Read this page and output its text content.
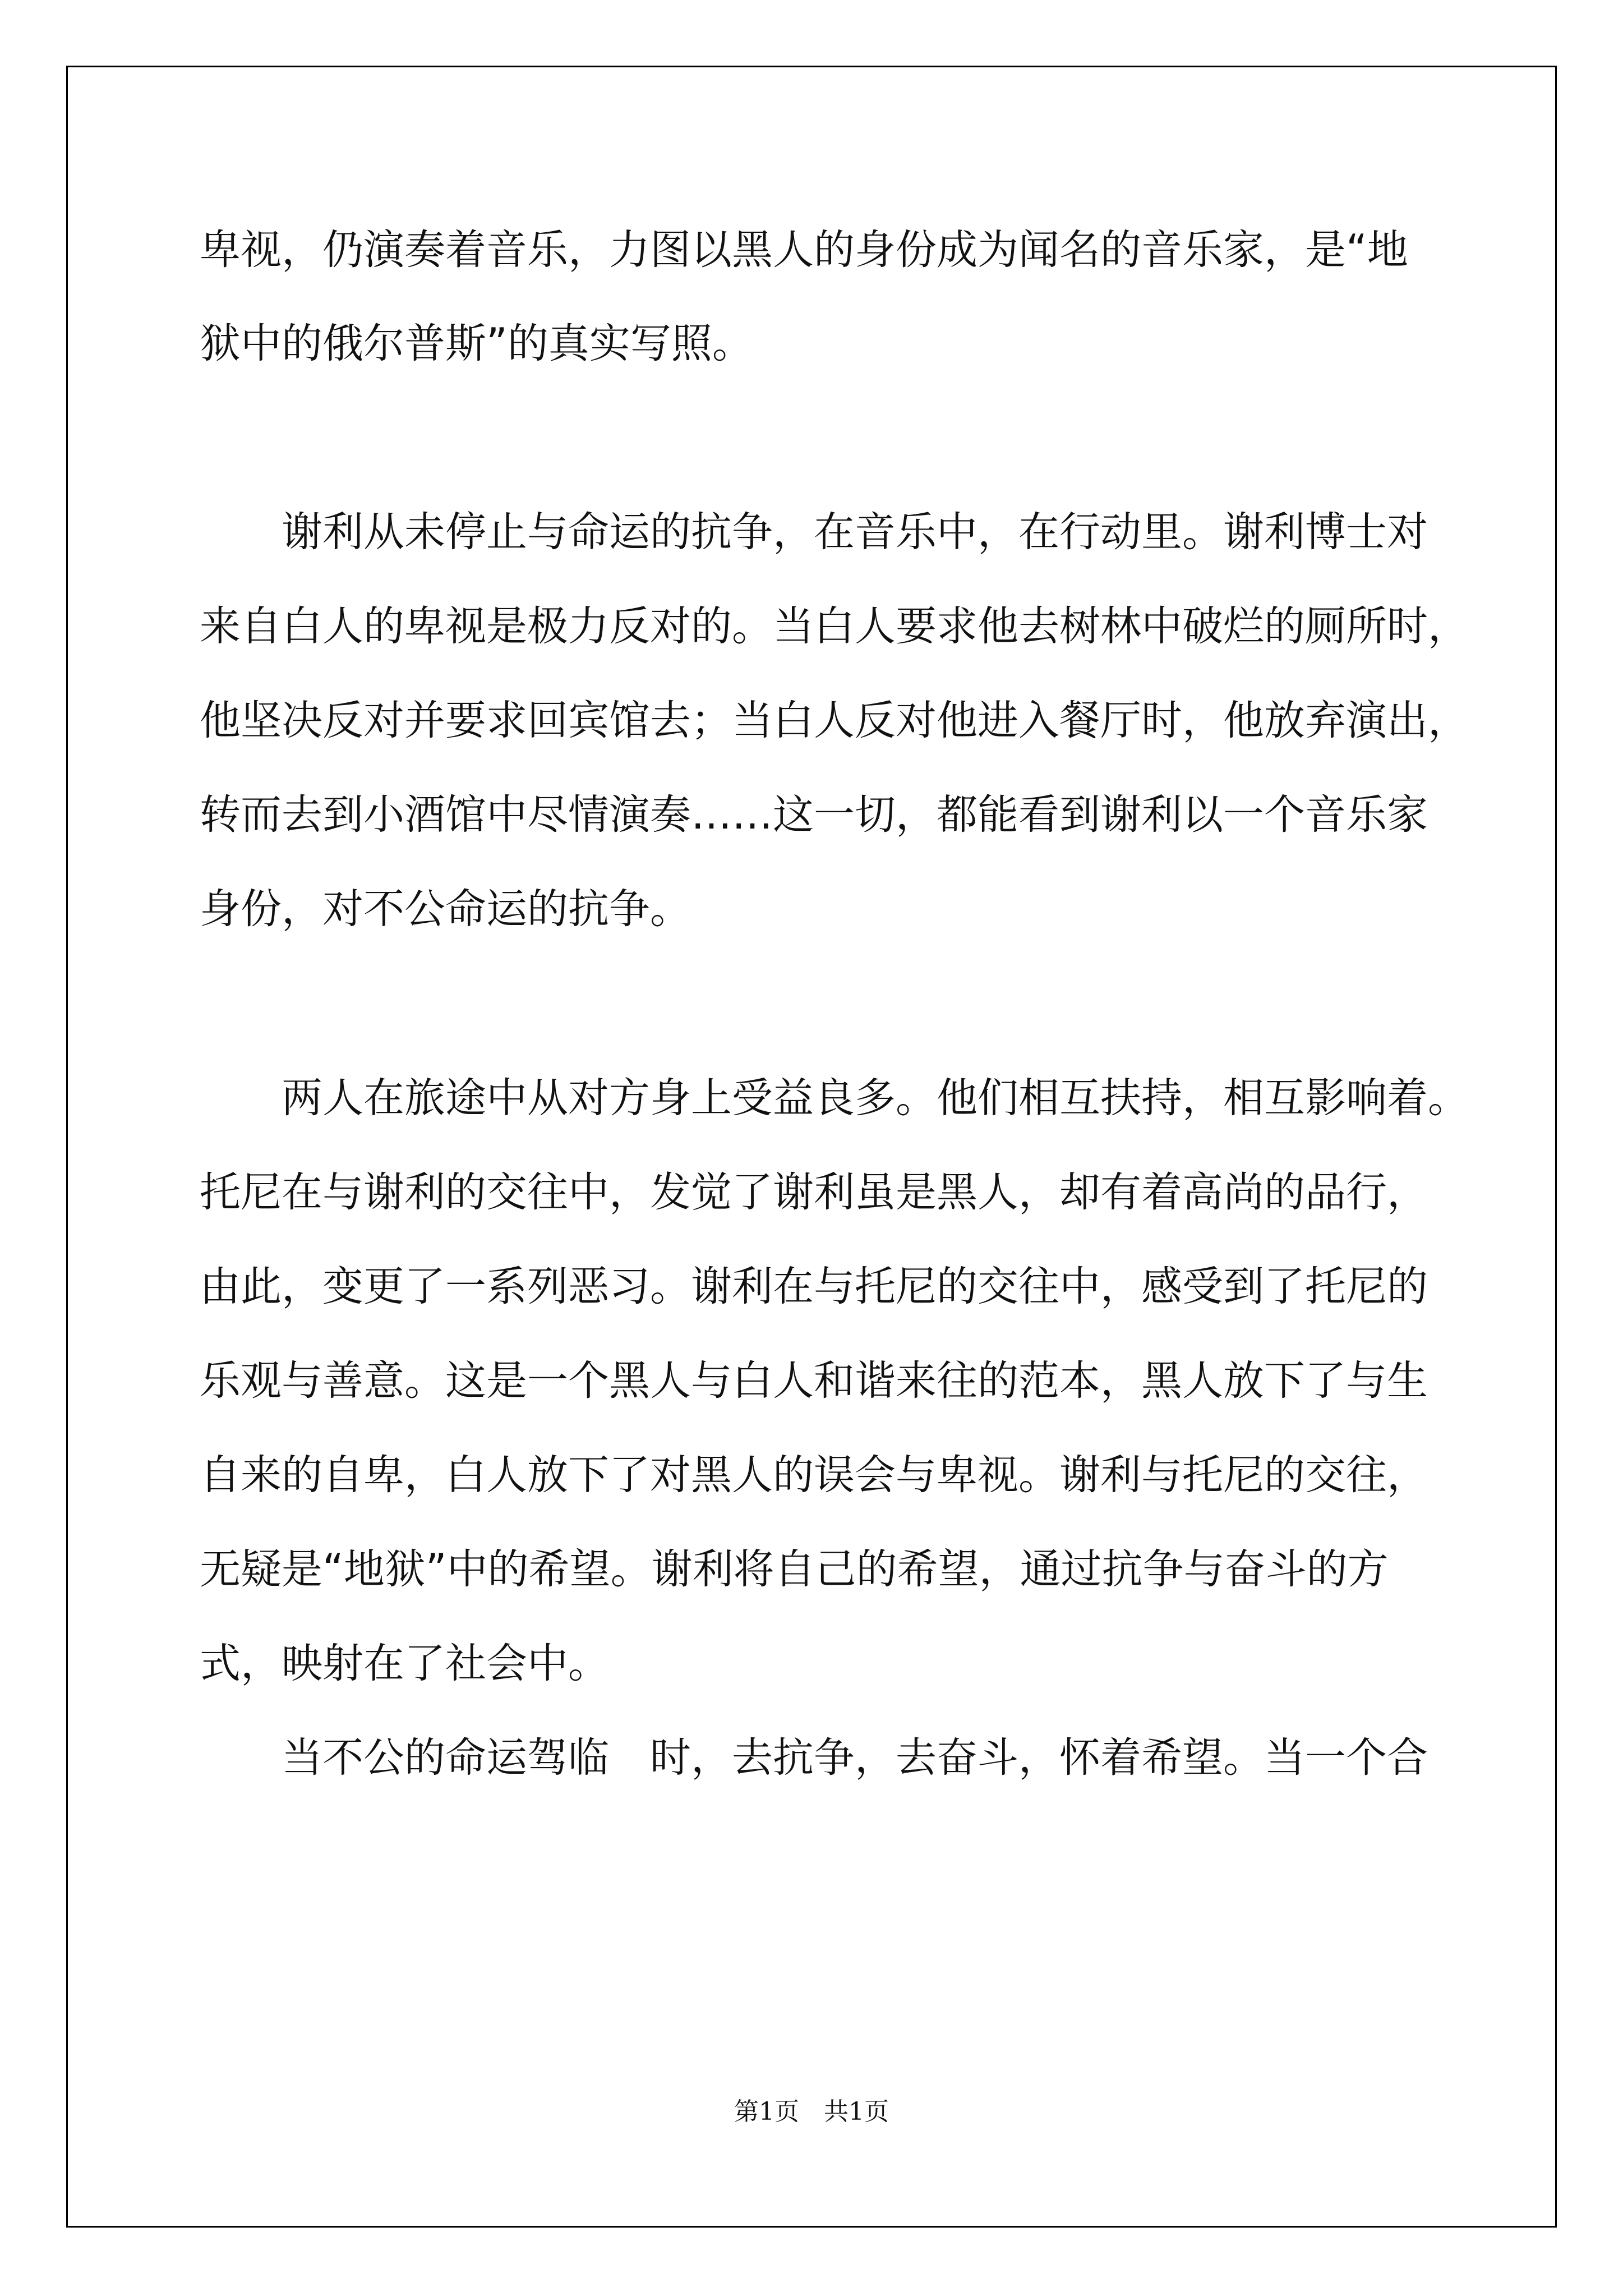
卑视，仍演奏着音乐，力图以黑人的身份成为闻名的音乐家，是“地

狱中的俄尔普斯”的真实写照。

　　谢利从未停止与命运的抗争，在音乐中，在行动里。谢利博士对

来自白人的卑视是极力反对的。当白人要求他去树林中破烂的厕所时，

他坚决反对并要求回宾馆去；当白人反对他进入餐厅时，他放弃演出，

转而去到小酒馆中尽情演奏……这一切，都能看到谢利以一个音乐家

身份，对不公命运的抗争。

　　两人在旅途中从对方身上受益良多。他们相互扶持，相互影响着。

托尼在与谢利的交往中，发觉了谢利虽是黑人，却有着高尚的品行，

由此，变更了一系列恶习。谢利在与托尼的交往中，感受到了托尼的

乐观与善意。这是一个黑人与白人和谐来往的范本，黑人放下了与生

自来的自卑，白人放下了对黑人的误会与卑视。谢利与托尼的交往，

无疑是“地狱”中的希望。谢利将自己的希望，通过抗争与奋斗的方

式，映射在了社会中。

　　当不公的命运驾临　时，去抗争，去奋斗，怀着希望。当一个合

第1页　共1页
